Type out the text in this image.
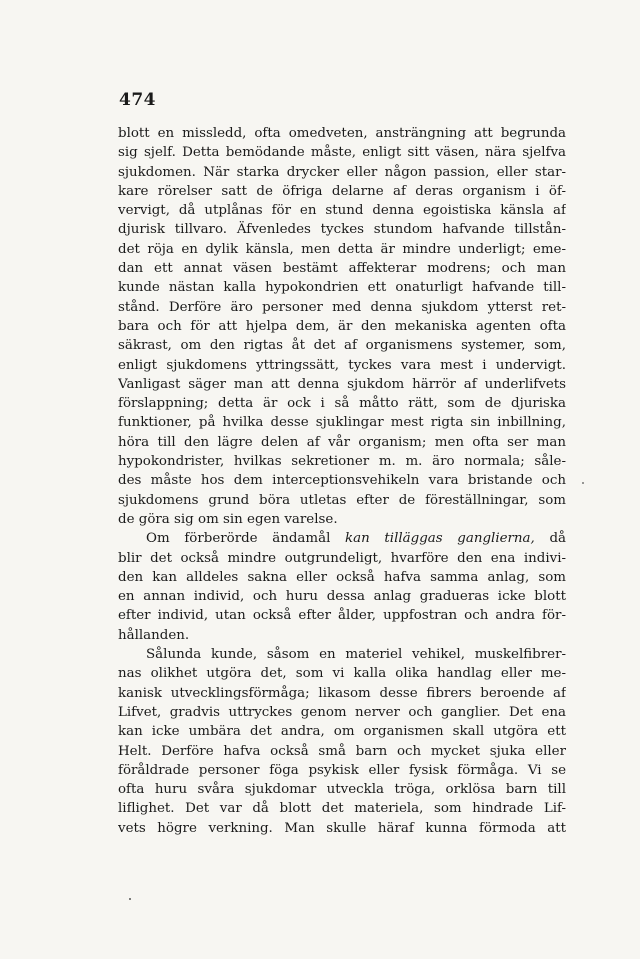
474
blott en missledd, ofta omedveten, ansträngning att begrunda
sig sjelf. Detta bemödande måste, enligt sitt väsen, nära sjelfva
sjukdomen. När starka drycker eller någon passion, eller star-
kare rörelser satt de öfriga delarne af deras organism i öf-
vervigt, då utplånas för en stund denna egoistiska känsla af
djurisk tillvaro. Äfvenledes tyckes stundom hafvande tillstån-
det röja en dylik känsla, men detta är mindre underligt; eme-
dan ett annat väsen bestämt affekterar modrens; och man
kunde nästan kalla hypokondrien ett onaturligt hafvande till-
stånd. Derföre äro personer med denna sjukdom ytterst ret-
bara och för att hjelpa dem, är den mekaniska agenten ofta
säkrast, om den rigtas åt det af organismens systemer, som,
enligt sjukdomens yttringssätt, tyckes vara mest i undervigt.
Vanligast säger man att denna sjukdom härrör af underlifvets
förslappning; detta är ock i så måtto rätt, som de djuriska
funktioner, på hvilka desse sjuklingar mest rigta sin inbillning,
höra till den lägre delen af vår organism; men ofta ser man
hypokondrister, hvilkas sekretioner m. m. äro normala; såle-
des måste hos dem interceptionsvehikeln vara bristande och
sjukdomens grund böra utletas efter de föreställningar, som
de göra sig om sin egen varelse.
Om förberörde ändamål kan tilläggas ganglierna, då
blir det också mindre outgrundeligt, hvarföre den ena indivi-
den kan alldeles sakna eller också hafva samma anlag, som
en annan individ, och huru dessa anlag gradueras icke blott
efter individ, utan också efter ålder, uppfostran och andra för-
hållanden.
Sålunda kunde, såsom en materiel vehikel, muskelfibrer-
nas olikhet utgöra det, som vi kalla olika handlag eller me-
kanisk utvecklingsförmåga; likasom desse fibrers beroende af
Lifvet, gradvis uttryckes genom nerver och ganglier. Det ena
kan icke umbära det andra, om organismen skall utgöra ett
Helt. Derföre hafva också små barn och mycket sjuka eller
föråldrade personer föga psykisk eller fysisk förmåga. Vi se
ofta huru svåra sjukdomar utveckla tröga, orklösa barn till
liflighet. Det var då blott det materiela, som hindrade Lif-
vets högre verkning. Man skulle häraf kunna förmoda att
